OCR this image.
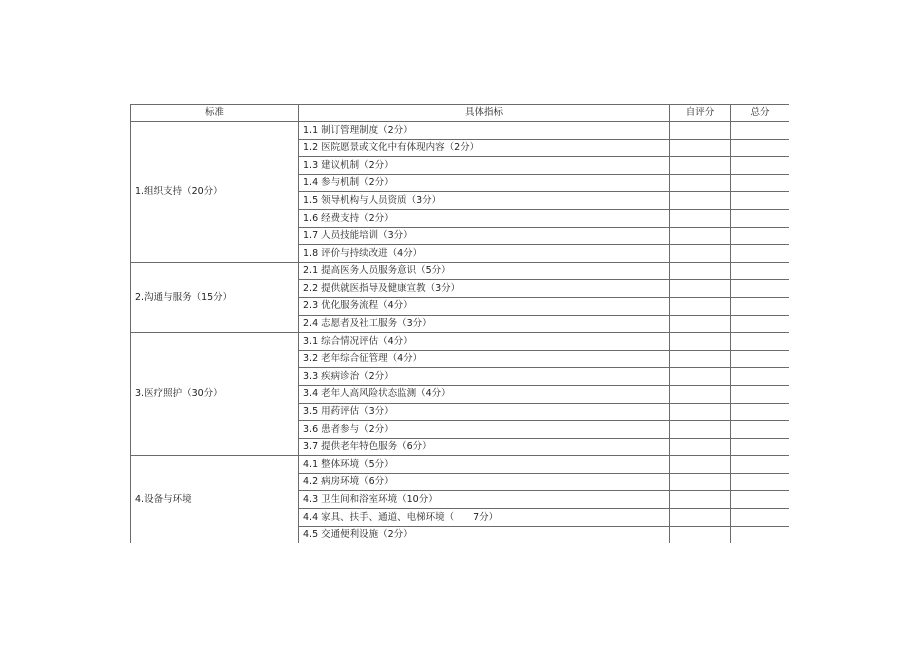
标准	具体指标	自评分	总分
1.组织支持（20分）	1.1 制订管理制度（2分）		
	1.2 医院愿景或文化中有体现内容（2分）		
	1.3 建议机制（2分）		
	1.4 参与机制（2分）		
	1.5 领导机构与人员资质（3分）		
	1.6 经费支持（2分）		
	1.7 人员技能培训（3分）		
	1.8 评价与持续改进（4分）		
2.沟通与服务（15分）	2.1 提高医务人员服务意识（5分）		
	2.2 提供就医指导及健康宣教（3分）		
	2.3 优化服务流程（4分）		
	2.4 志愿者及社工服务（3分）		
3.医疗照护（30分）	3.1 综合情况评估（4分）		
	3.2 老年综合征管理（4分）		
	3.3 疾病诊治（2分）		
	3.4 老年人高风险状态监测（4分）		
	3.5 用药评估（3分）		
	3.6 患者参与（2分）		
	3.7 提供老年特色服务（6分）		
4.设备与环境	4.1 整体环境（5分）		
	4.2 病房环境（6分）		
	4.3 卫生间和浴室环境（10分）		
	4.4 家具、扶手、通道、电梯环境（　　7分）		
	4.5 交通便利设施（2分）		
